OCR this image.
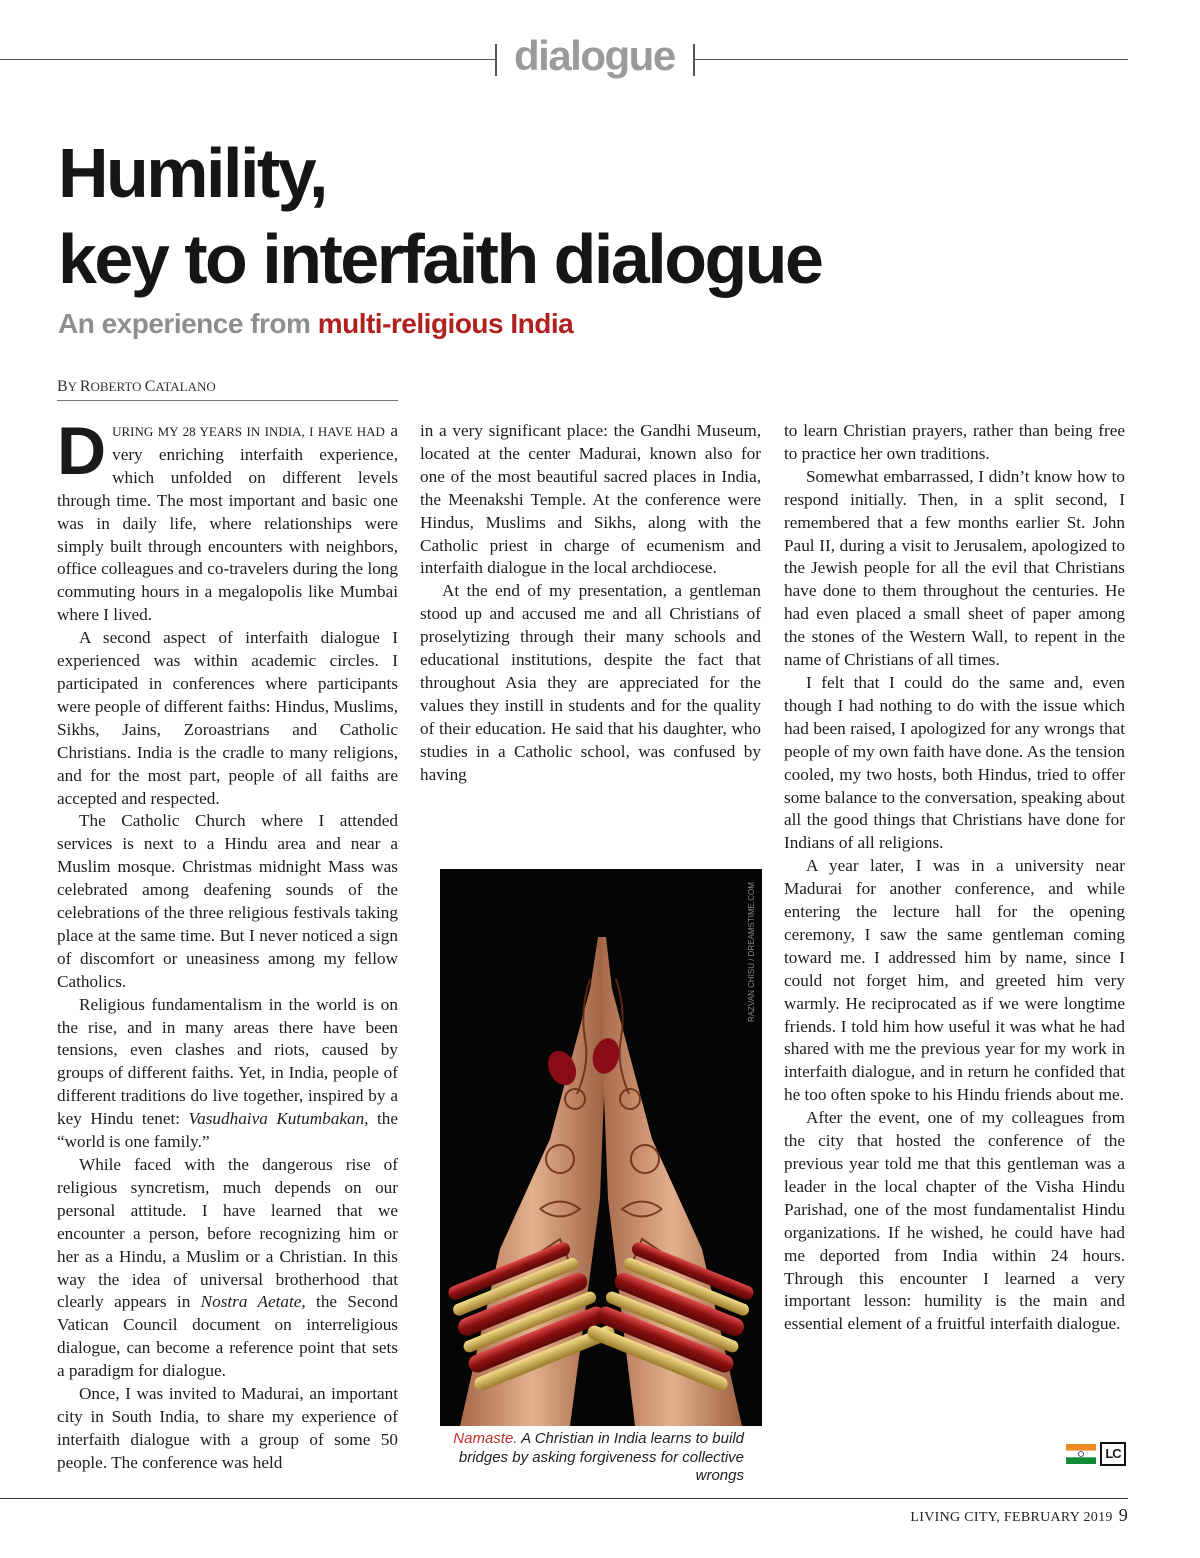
dialogue
Humility,
key to interfaith dialogue
An experience from multi-religious India
BY ROBERTO CATALANO

DURING MY 28 YEARS IN INDIA, I HAVE HAD a very enriching interfaith experience, which unfolded on different levels through time. The most important and basic one was in daily life, where relationships were simply built through encounters with neighbors, office colleagues and co-travelers during the long commuting hours in a megalopolis like Mumbai where I lived.

A second aspect of interfaith dialogue I experienced was within academic circles. I participated in conferences where participants were people of different faiths: Hindus, Muslims, Sikhs, Jains, Zoroastrians and Catholic Christians. India is the cradle to many religions, and for the most part, people of all faiths are accepted and respected.

The Catholic Church where I attended services is next to a Hindu area and near a Muslim mosque. Christmas midnight Mass was celebrated among deafening sounds of the celebrations of the three religious festivals taking place at the same time. But I never noticed a sign of discomfort or uneasiness among my fellow Catholics.

Religious fundamentalism in the world is on the rise, and in many areas there have been tensions, even clashes and riots, caused by groups of different faiths. Yet, in India, people of different traditions do live together, inspired by a key Hindu tenet: Vasudhaiva Kutumbakan, the “world is one family.”

While faced with the dangerous rise of religious syncretism, much depends on our personal attitude. I have learned that we encounter a person, before recognizing him or her as a Hindu, a Muslim or a Christian. In this way the idea of universal brotherhood that clearly appears in Nostra Aetate, the Second Vatican Council document on interreligious dialogue, can become a reference point that sets a paradigm for dialogue.

Once, I was invited to Madurai, an important city in South India, to share my experience of interfaith dialogue with a group of some 50 people. The conference was held

in a very significant place: the Gandhi Museum, located at the center Madurai, known also for one of the most beautiful sacred places in India, the Meenakshi Temple. At the conference were Hindus, Muslims and Sikhs, along with the Catholic priest in charge of ecumenism and interfaith dialogue in the local archdiocese.

At the end of my presentation, a gentleman stood up and accused me and all Christians of proselytizing through their many schools and educational institutions, despite the fact that throughout Asia they are appreciated for the values they instill in students and for the quality of their education. He said that his daughter, who studies in a Catholic school, was confused by having

to learn Christian prayers, rather than being free to practice her own traditions.

Somewhat embarrassed, I didn’t know how to respond initially. Then, in a split second, I remembered that a few months earlier St. John Paul II, during a visit to Jerusalem, apologized to the Jewish people for all the evil that Christians have done to them throughout the centuries. He had even placed a small sheet of paper among the stones of the Western Wall, to repent in the name of Christians of all times.

I felt that I could do the same and, even though I had nothing to do with the issue which had been raised, I apologized for any wrongs that people of my own faith have done. As the tension cooled, my two hosts, both Hindus, tried to offer some balance to the conversation, speaking about all the good things that Christians have done for Indians of all religions.

A year later, I was in a university near Madurai for another conference, and while entering the lecture hall for the opening ceremony, I saw the same gentleman coming toward me. I addressed him by name, since I could not forget him, and greeted him very warmly. He reciprocated as if we were longtime friends. I told him how useful it was what he had shared with me the previous year for my work in interfaith dialogue, and in return he confided that he too often spoke to his Hindu friends about me.

After the event, one of my colleagues from the city that hosted the conference of the previous year told me that this gentleman was a leader in the local chapter of the Visha Hindu Parishad, one of the most fundamentalist Hindu organizations. If he wished, he could have had me deported from India within 24 hours. Through this encounter I learned a very important lesson: humility is the main and essential element of a fruitful interfaith dialogue.

RAZVAN CHISU / DREAMSTIME.COM
Namaste. A Christian in India learns to build bridges by asking forgiveness for collective wrongs
LC
LIVING CITY, FEBRUARY 2019 9
